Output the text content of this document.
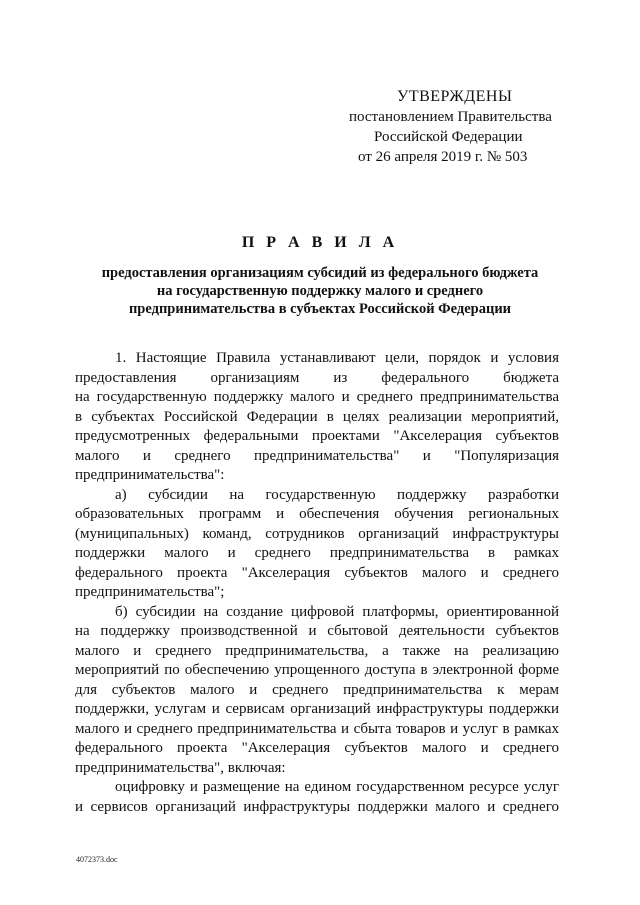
УТВЕРЖДЕНЫ
постановлением Правительства
Российской Федерации
от 26 апреля 2019 г. № 503
П Р А В И Л А
предоставления организациям субсидий из федерального бюджета
на государственную поддержку малого и среднего
предпринимательства в субъектах Российской Федерации
1. Настоящие Правила устанавливают цели, порядок и условия
предоставления организациям из федерального бюджета
на государственную поддержку малого и среднего предпринимательства
в субъектах Российской Федерации в целях реализации мероприятий,
предусмотренных федеральными проектами "Акселерация субъектов
малого и среднего предпринимательства" и "Популяризация
предпринимательства":
а) субсидии на государственную поддержку разработки
образовательных программ и обеспечения обучения региональных
(муниципальных) команд, сотрудников организаций инфраструктуры
поддержки малого и среднего предпринимательства в рамках
федерального проекта "Акселерация субъектов малого и среднего
предпринимательства";
б) субсидии на создание цифровой платформы, ориентированной
на поддержку производственной и сбытовой деятельности субъектов
малого и среднего предпринимательства, а также на реализацию
мероприятий по обеспечению упрощенного доступа в электронной форме
для субъектов малого и среднего предпринимательства к мерам
поддержки, услугам и сервисам организаций инфраструктуры поддержки
малого и среднего предпринимательства и сбыта товаров и услуг в рамках
федерального проекта "Акселерация субъектов малого и среднего
предпринимательства", включая:
оцифровку и размещение на едином государственном ресурсе услуг
и сервисов организаций инфраструктуры поддержки малого и среднего
4072373.doc
